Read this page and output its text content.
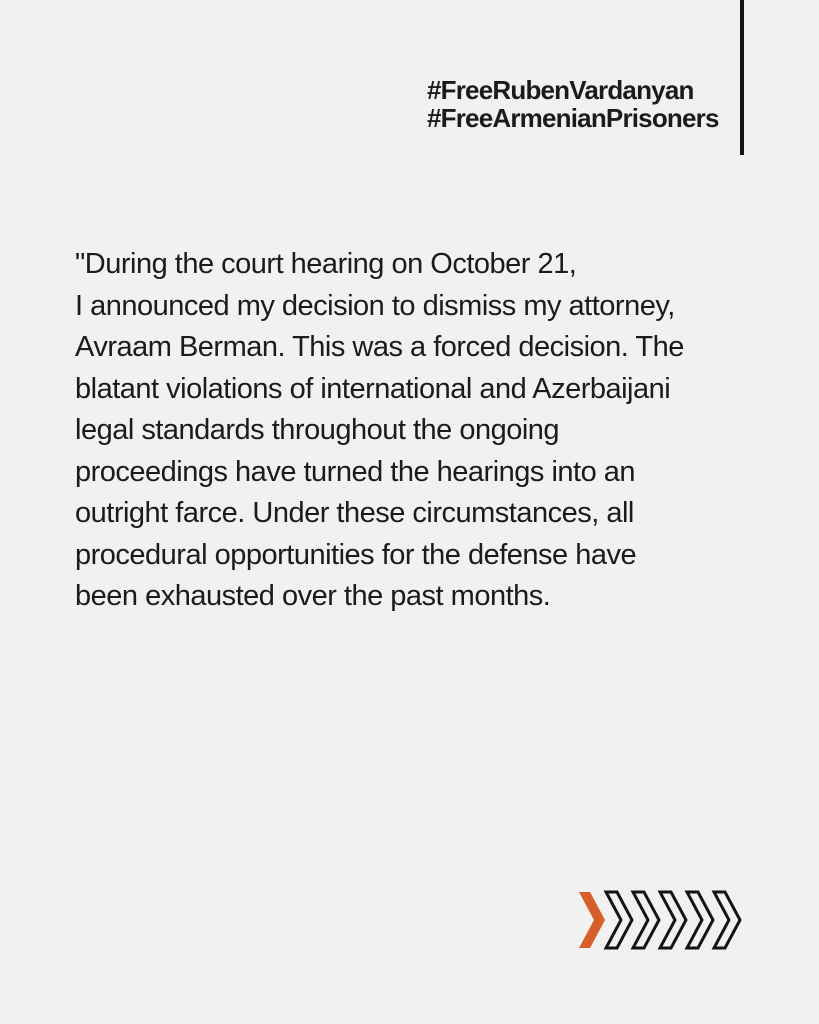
#FreeRubenVardanyan
#FreeArmenianPrisoners
"During the court hearing on October 21,
I announced my decision to dismiss my attorney,
Avraam Berman. This was a forced decision. The
blatant violations of international and Azerbaijani
legal standards throughout the ongoing
proceedings have turned the hearings into an
outright farce. Under these circumstances, all
procedural opportunities for the defense have
been exhausted over the past months.
